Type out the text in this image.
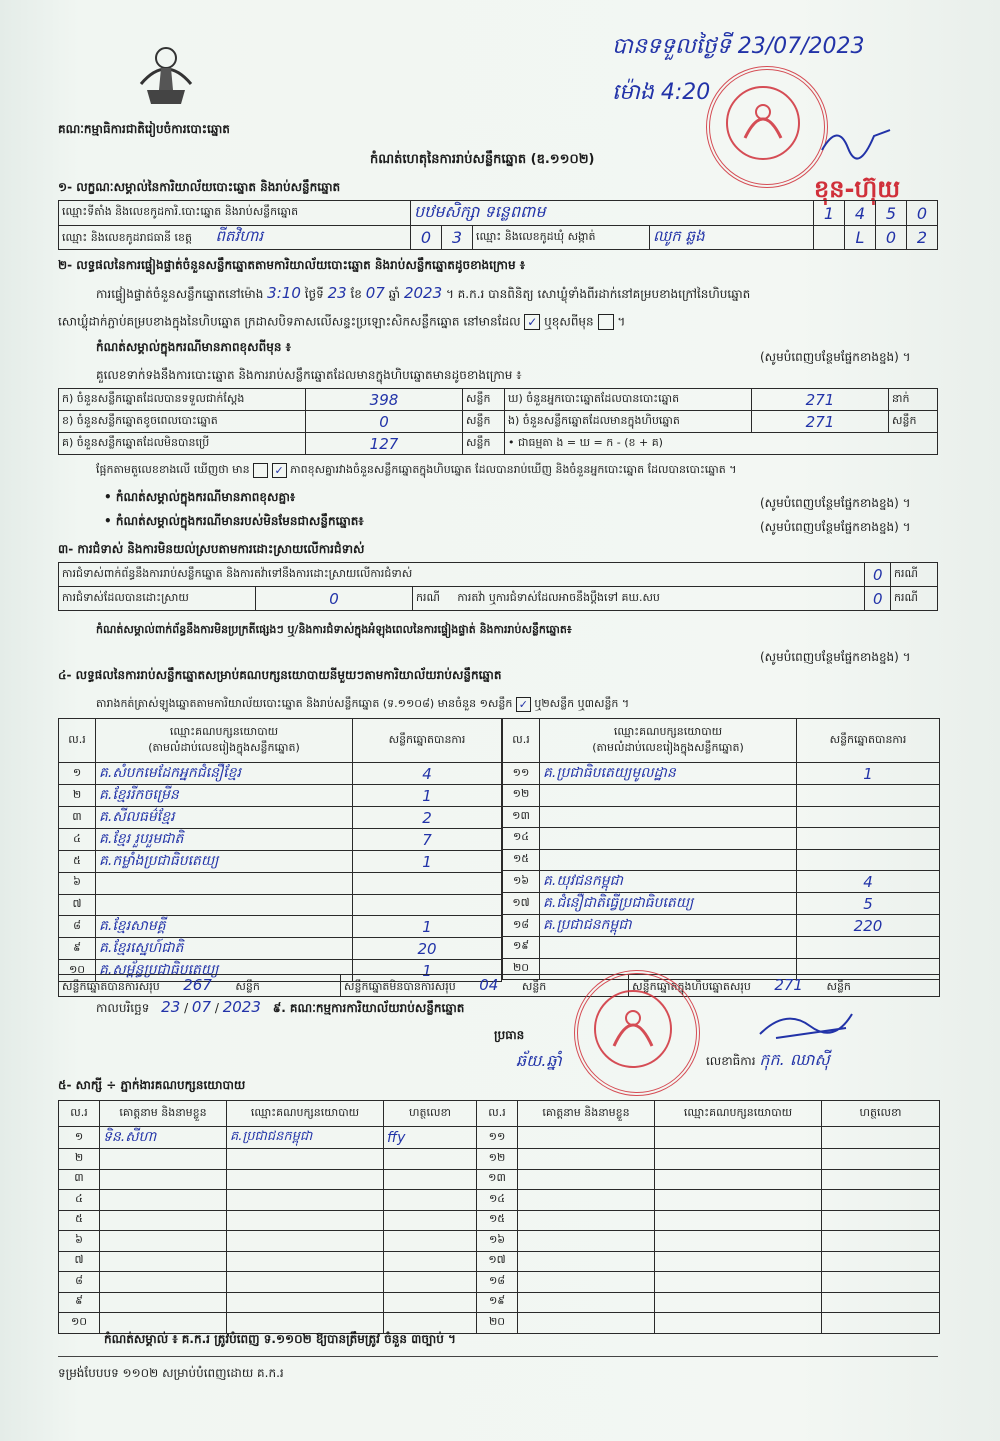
គណៈកម្មាធិការជាតិរៀបចំការបោះឆ្នោត
បានទទួលថ្ងៃទី 23/07/2023
ម៉ោង 4:20
កំណត់ហេតុនៃការរាប់សន្លឹកឆ្នោត (ឌ.១១០២)
ខុន-ហ៊ុយ
១- លក្ខណៈសម្គាល់នៃការិយាល័យបោះឆ្នោត និងរាប់សន្លឹកឆ្នោត
ឈ្មោះទីតាំង និងលេខកូដការិ.បោះឆ្នោត និងរាប់សន្លឹកឆ្នោត	បឋមសិក្សា ទន្លេពពាម				1	4	5	0
ឈ្មោះ និងលេខកូដរាជធានី ខេត្ត ពីតវិហារ	0	3	ឈ្មោះ និងលេខកូដឃុំ សង្កាត់	ឈូក ឆ្លង		L	0	2
២- លទ្ធផលនៃការផ្ទៀងផ្ទាត់ចំនួនសន្លឹកឆ្នោតតាមការិយាល័យបោះឆ្នោត និងរាប់សន្លឹកឆ្នោតដូចខាងក្រោម ៖
ការផ្ទៀងផ្ទាត់ចំនួនសន្លឹកឆ្នោតនៅម៉ោង 3:10 ថ្ងៃទី 23 ខែ 07 ឆ្នាំ 2023 ។ គ.ក.រ បានពិនិត្យ សោឃ្លុំទាំងពីរដាក់នៅគម្របខាងក្រៅនៃហិបឆ្នោត
សោឃ្លុំដាក់ភ្ជាប់គម្របខាងក្នុងនៃហិបឆ្នោត ក្រដាសបិទភាសលើសន្ទះប្រឡោះសិកសន្លឹកឆ្នោត នៅមានដែល ✓ ឬខុសពីមុន  ។
កំណត់សម្គាល់ក្នុងករណីមានភាពខុសពីមុន ៖
(សូមបំពេញបន្ថែមផ្នែកខាងខ្នង) ។
គួលេខទាក់ទងនឹងការបោះឆ្នោត និងការរាប់សន្លឹកឆ្នោតដែលមានក្នុងហិបឆ្នោតមានដូចខាងក្រោម ៖
ក) ចំនួនសន្លឹកឆ្នោតដែលបានទទួលជាក់ស្តែង	398	សន្លឹក	ឃ) ចំនួនអ្នកបោះឆ្នោតដែលបានបោះឆ្នោត	271	នាក់
ខ) ចំនួនសន្លឹកឆ្នោតខូចពេលបោះឆ្នោត	0	សន្លឹក	ង) ចំនួនសន្លឹកឆ្នោតដែលមានក្នុងហិបឆ្នោត	271	សន្លឹក
គ) ចំនួនសន្លឹកឆ្នោតដែលមិនបានប្រើ	127	សន្លឹក	• ជាធម្មតា ង = ឃ = ក - (ខ + គ)		
ផ្អែកតាមតួលេខខាងលើ ឃើញថា មាន ✓ ភាពខុសគ្នារវាងចំនួនសន្លឹកឆ្នោតក្នុងហិបឆ្នោត ដែលបានរាប់ឃើញ និងចំនួនអ្នកបោះឆ្នោត ដែលបានបោះឆ្នោត ។
• កំណត់សម្គាល់ក្នុងករណីមានភាពខុសគ្នា៖	(សូមបំពេញបន្ថែមផ្នែកខាងខ្នង) ។
• កំណត់សម្គាល់ក្នុងករណីមានរបស់មិនមែនជាសន្លឹកឆ្នោត៖	(សូមបំពេញបន្ថែមផ្នែកខាងខ្នង) ។
៣- ការជំទាស់ និងការមិនយល់ស្របតាមការដោះស្រាយលើការជំទាស់
ការជំទាស់ពាក់ព័ន្ធនឹងការរាប់សន្លឹកឆ្នោត និងការតវ៉ាទៅនឹងការដោះស្រាយលើការជំទាស់			0	ករណី
ការជំទាស់ដែលបានដោះស្រាយ	0	ករណី ការតវ៉ា ឬការជំទាស់ដែលអាចនឹងប្តឹងទៅ គឃ.សប	0	ករណី
កំណត់សម្គាល់ពាក់ព័ន្ធនឹងការមិនប្រក្រតីផ្សេងៗ ឬ/និងការជំទាស់ក្នុងអំឡុងពេលនៃការផ្ទៀងផ្ទាត់ និងការរាប់សន្លឹកឆ្នោត៖
(សូមបំពេញបន្ថែមផ្នែកខាងខ្នង) ។
៤- លទ្ធផលនៃការរាប់សន្លឹកឆ្នោតសម្រាប់គណបក្សនយោបាយនីមួយៗតាមការិយាល័យរាប់សន្លឹកឆ្នោត
តារាងកត់ត្រាស់ឡូងឆ្នោតតាមការិយាល័យបោះឆ្នោត និងរាប់សន្លឹកឆ្នោត (ទ.១១០៨) មានចំនួន ១សន្លឹក ✓ ឬ២សន្លឹក ឬ៣សន្លឹក ។
ល.រ	ឈ្មោះគណបក្សនយោបាយ
(តាមលំដាប់លេខរៀងក្នុងសន្លឹកឆ្នោត)	សន្លឹកឆ្នោតបានការ
១	គ.សំបកមេដែកអ្នកជំនឿខ្មែរ	4
២	គ.ខ្មែររីកចម្រើន	1
៣	គ.សីលធម៌ខ្មែរ	2
៤	គ.ខ្មែរ រួបរួមជាតិ	7
៥	គ.កម្លាំងប្រជាធិបតេយ្យ	1
៦		
៧		
៨	គ.ខ្មែរសាមគ្គី	1
៩	គ.ខ្មែរស្នេហ៍ជាតិ	20
១០	គ.សម្ព័ន្ធប្រជាធិបតេយ្យ	1
ល.រ	ឈ្មោះគណបក្សនយោបាយ
(តាមលំដាប់លេខរៀងក្នុងសន្លឹកឆ្នោត)	សន្លឹកឆ្នោតបានការ
១១	គ.ប្រជាធិបតេយ្យមូលដ្ឋាន	1
១២		
១៣		
១៤		
១៥		
១៦	គ.យុវជនកម្ពុជា	4
១៧	គ.ជំនឿជាតិធ្វើប្រជាធិបតេយ្យ	5
១៨	គ.ប្រជាជនកម្ពុជា	220
១៩		
២០		
សន្លឹកឆ្នោតបានការសរុប 267 សន្លឹក	សន្លឹកឆ្នោតមិនបានការសរុប 04 សន្លឹក	សន្លឹកឆ្នោតក្នុងហិបឆ្នោតសរុប 271 សន្លឹក
កាលបរិច្ឆេទ 23 / 07 / 2023 ៩. គណៈកម្មការការិយាល័យរាប់សន្លឹកឆ្នោត
ប្រធាន
ឆ័យ.ឆ្នាំ	លេខាធិការ កុក. ឈាស៊ី
៥- សាក្សី ÷ ភ្នាក់ងារគណបក្សនយោបាយ
ល.រ	គោត្តនាម និងនាមខ្លួន	ឈ្មោះគណបក្សនយោបាយ	ហត្ថលេខា	ល.រ	គោត្តនាម និងនាមខ្លួន	ឈ្មោះគណបក្សនយោបាយ	ហត្ថលេខា
១	ទិន.សីហា	គ.ប្រជាជនកម្ពុជា	ffy	១១			
២				១២			
៣				១៣			
៤				១៤			
៥				១៥			
៦				១៦			
៧				១៧			
៨				១៨			
៩				១៩			
១០				២០			
កំណត់សម្គាល់ ៖ គ.ក.រ ត្រូវបំពេញ ទ.១១០២ ឱ្យបានត្រឹមត្រូវ ចំនួន ៣ច្បាប់ ។
ទម្រង់បែបបទ ១១០២ សម្រាប់បំពេញដោយ គ.ក.រ
